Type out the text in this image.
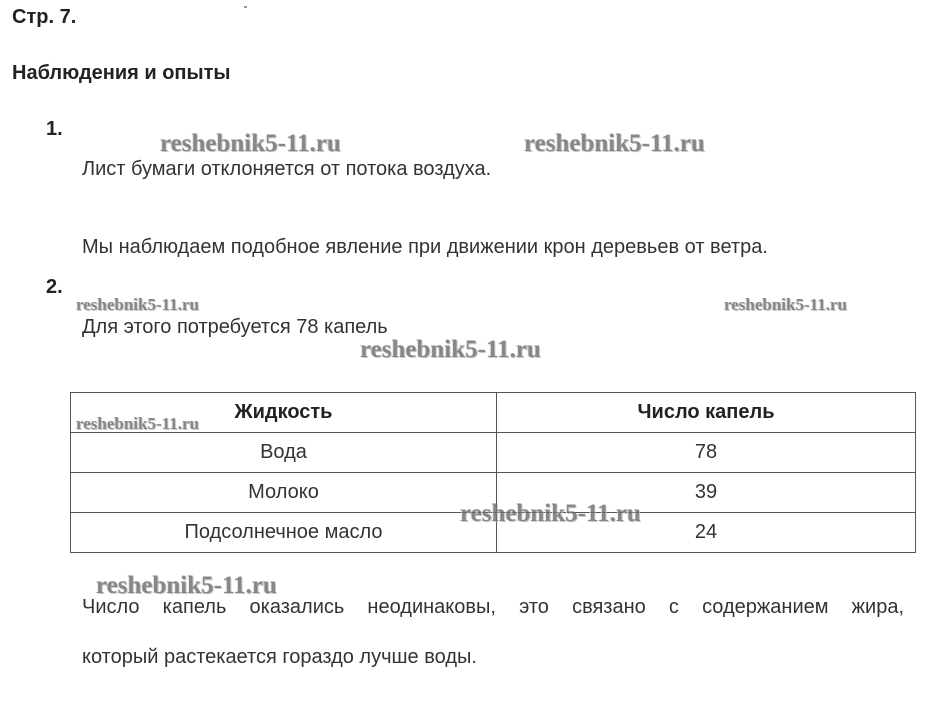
Стр. 7.
Наблюдения и опыты
1.
Лист бумаги отклоняется от потока воздуха.
Мы наблюдаем подобное явление при движении крон деревьев от ветра.
2.
Для этого потребуется 78 капель
Жидкость	Число капель
Вода	78
Молоко	39
Подсолнечное масло	24
Число капель оказались неодинаковы, это связано с содержанием жира,
который растекается гораздо лучше воды.
reshebnik5-11.ru	reshebnik5-11.ru
reshebnik5-11.ru	reshebnik5-11.ru
reshebnik5-11.ru
reshebnik5-11.ru
reshebnik5-11.ru
reshebnik5-11.ru
